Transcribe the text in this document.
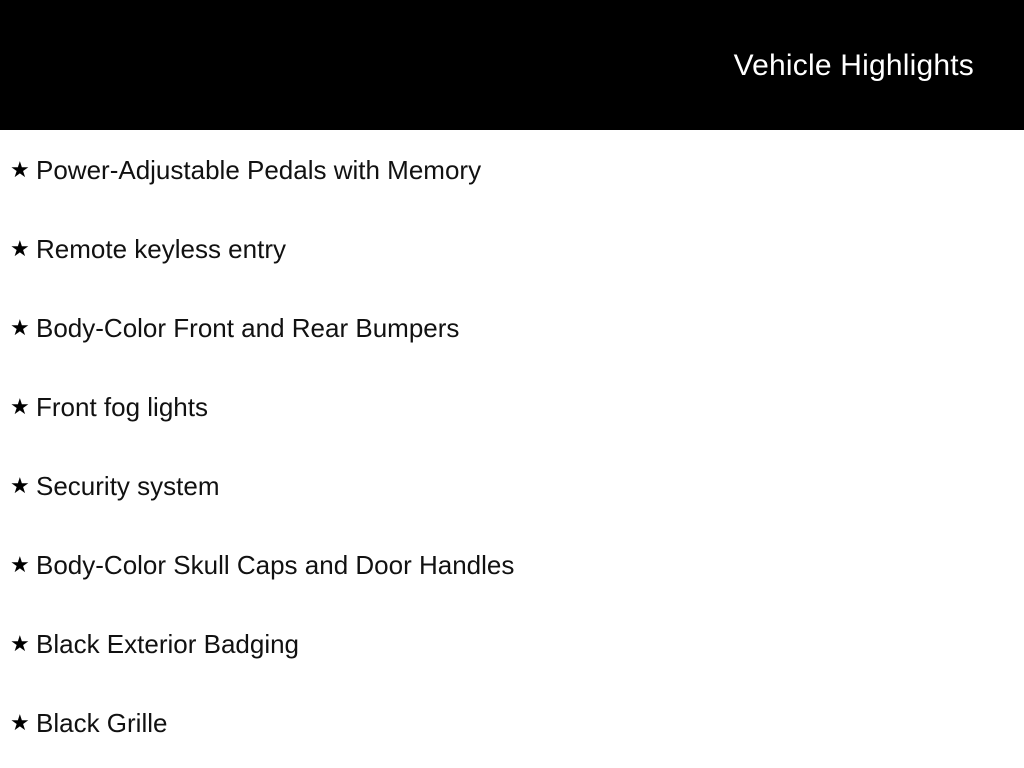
Vehicle Highlights
★ Power-Adjustable Pedals with Memory
★ Remote keyless entry
★ Body-Color Front and Rear Bumpers
★ Front fog lights
★ Security system
★ Body-Color Skull Caps and Door Handles
★ Black Exterior Badging
★ Black Grille
